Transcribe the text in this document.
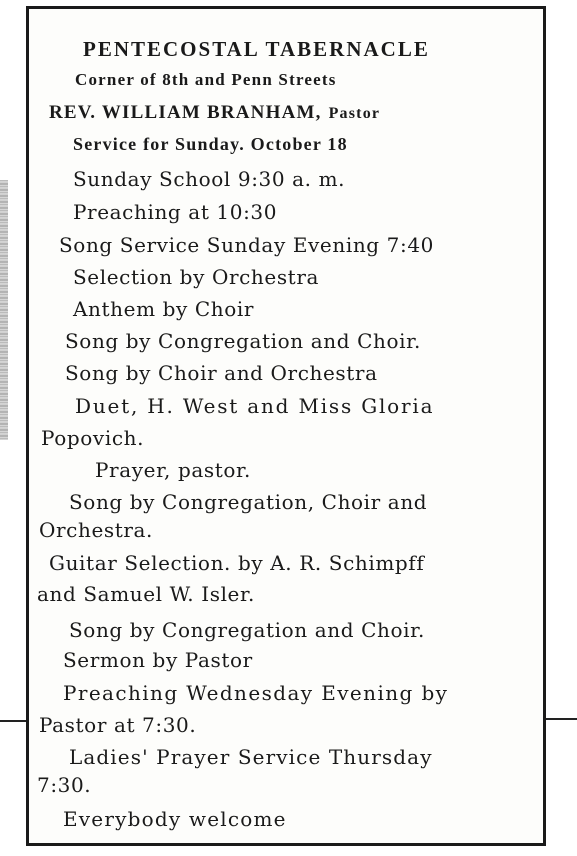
PENTECOSTAL TABERNACLE
Corner of 8th and Penn Streets
REV. WILLIAM BRANHAM, Pastor
Service for Sunday. October 18
Sunday School 9:30 a. m.
Preaching at 10:30
Song Service Sunday Evening 7:40
Selection by Orchestra
Anthem by Choir
Song by Congregation and Choir.
Song by Choir and Orchestra
Duet, H. West and Miss Gloria
Popovich.
Prayer, pastor.
Song by Congregation, Choir and
Orchestra.
Guitar Selection. by A. R. Schimpff
and Samuel W. Isler.
Song by Congregation and Choir.
Sermon by Pastor
Preaching Wednesday Evening by
Pastor at 7:30.
Ladies' Prayer Service Thursday
7:30.
Everybody welcome
